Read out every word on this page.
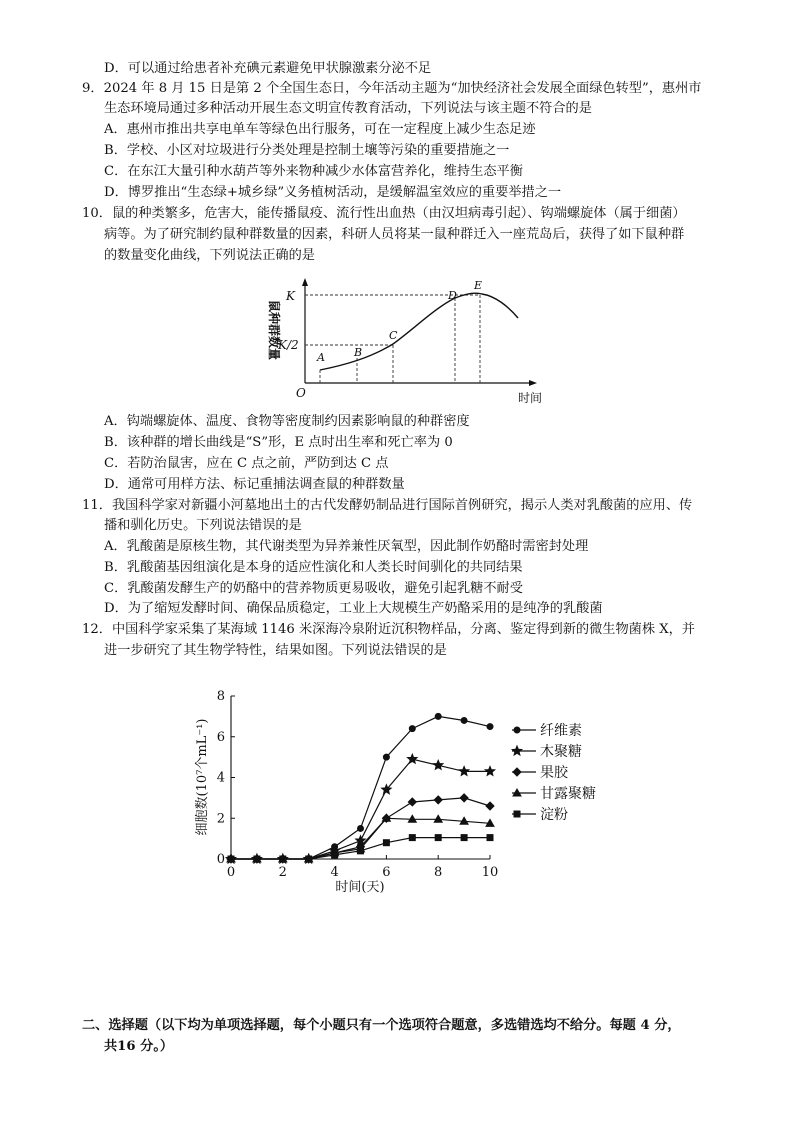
D．可以通过给患者补充碘元素避免甲状腺激素分泌不足
9．2024 年 8 月 15 日是第 2 个全国生态日，今年活动主题为“加快经济社会发展全面绿色转型”，惠州市
生态环境局通过多种活动开展生态文明宣传教育活动，下列说法与该主题不符合的是
A．惠州市推出共享电单车等绿色出行服务，可在一定程度上减少生态足迹
B．学校、小区对垃圾进行分类处理是控制土壤等污染的重要措施之一
C．在东江大量引种水葫芦等外来物种减少水体富营养化，维持生态平衡
D．博罗推出“生态绿+城乡绿”义务植树活动，是缓解温室效应的重要举措之一
10．鼠的种类繁多，危害大，能传播鼠疫、流行性出血热（由汉坦病毒引起）、钩端螺旋体（属于细菌）
病等。为了研究制约鼠种群数量的因素，科研人员将某一鼠种群迁入一座荒岛后，获得了如下鼠种群
的数量变化曲线，下列说法正确的是
鼠种群数量
K
K/2
O	时间
A	B
C
D
E
A．钩端螺旋体、温度、食物等密度制约因素影响鼠的种群密度
B．该种群的增长曲线是“S”形，E 点时出生率和死亡率为 0
C．若防治鼠害，应在 C 点之前，严防到达 C 点
D．通常可用样方法、标记重捕法调查鼠的种群数量
11．我国科学家对新疆小河墓地出土的古代发酵奶制品进行国际首例研究，揭示人类对乳酸菌的应用、传
播和驯化历史。下列说法错误的是
A．乳酸菌是原核生物，其代谢类型为异养兼性厌氧型，因此制作奶酪时需密封处理
B．乳酸菌基因组演化是本身的适应性演化和人类长时间驯化的共同结果
C．乳酸菌发酵生产的奶酪中的营养物质更易吸收，避免引起乳糖不耐受
D．为了缩短发酵时间、确保品质稳定，工业上大规模生产奶酪采用的是纯净的乳酸菌
12．中国科学家采集了某海域 1146 米深海冷泉附近沉积物样品，分离、鉴定得到新的微生物菌株 X，并
进一步研究了其生物学特性，结果如图。下列说法错误的是
0
2
4
6
8
0	2	4	6	8	10
纤维素
木聚糖
果胶
甘露聚糖
淀粉
细胞数(10⁷个mL⁻¹)
时间(天)
二、选择题（以下均为单项选择题，每个小题只有一个选项符合题意，多选错选均不给分。每题 4 分，
共16 分。）
